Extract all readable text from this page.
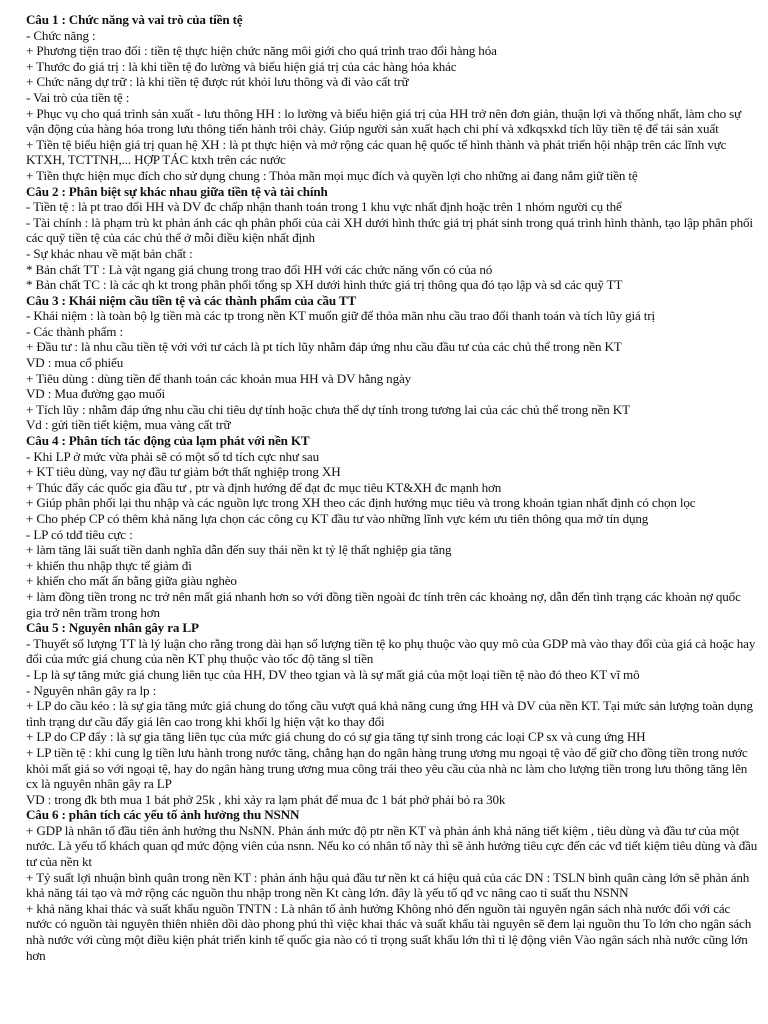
Câu 1 : Chức năng và vai trò của tiền tệ

- Chức năng :

+ Phương tiện trao đổi : tiền tệ thực hiện chức năng môi giới cho quá trình trao đổi hàng hóa

+ Thước đo giá trị : là khi tiền tệ đo lường và biểu hiện giá trị của các hàng hóa khác

+ Chức năng dự trữ : là khi tiền tệ được rút khỏi lưu thông và đi vào cất trữ

- Vai trò của tiền tệ :

+ Phục vụ cho quá trình sản xuất - lưu thông HH : lo lường và biểu hiện giá trị của HH trở nên đơn giản, thuận lợi và thống nhất, làm cho sự vận động của hàng hóa trong lưu thông tiến hành trôi chảy. Giúp người sản xuất hạch chi phí và xđkqsxkd tích lũy tiền tệ để tái sản xuất

+ Tiền tệ biểu hiện giá trị quan hệ XH : là pt thực hiện và mở rộng các quan hệ quốc tế hình thành và phát triển hội nhập trên các lĩnh vực KTXH, TCTTNH,... HỢP TÁC ktxh trên các nước

+ Tiền thực hiện mục đích cho sử dụng chung : Thỏa mãn mọi mục đích và quyền lợi cho những ai đang nắm giữ tiền tệ

Câu 2 : Phân biệt sự khác nhau giữa tiền tệ và tài chính

- Tiền tệ : là pt trao đổi HH và DV đc chấp nhận thanh toán trong 1 khu vực nhất định hoặc trên 1 nhóm người cụ thể

- Tài chính : là phạm trù kt phản ánh các qh phân phối của cải XH dưới hình thức giá trị phát sinh trong quá trình hình thành, tạo lập phân phối các quỹ tiền tệ của các chủ thể ở mỗi điều kiện nhất định

- Sự khác nhau về mặt bản chất :

* Bản chất TT : Là vật ngang giá chung trong trao đổi HH với các chức năng vốn có của nó

* Bản chất TC : là các qh kt trong phân phối tổng sp XH dưới hình thức giá trị thông qua đó tạo lập và sd các quỹ TT

Câu 3 : Khái niệm cầu tiền tệ và các thành phẩm của cầu TT

- Khái niệm : là toàn bộ lg tiền mà các tp trong nền KT muốn giữ để thỏa mãn nhu cầu trao đổi thanh toán và tích lũy giá trị

- Các thành phẩm :

+ Đầu tư : là nhu cầu tiền tệ với với tư cách là pt tích lũy nhằm đáp ứng nhu cầu đầu tư của các chủ thể trong nền KT

VD : mua cổ phiếu

+ Tiêu dùng : dùng tiền để thanh toán các khoản mua HH và DV hằng ngày

VD : Mua đường gạo muối

+ Tích lũy : nhằm đáp ứng nhu cầu chi tiêu dự tính hoặc chưa thể dự tính trong tương lai của các chủ thể trong nền KT

Vd : gửi tiền tiết kiệm, mua vàng cất trữ

Câu 4 : Phân tích tác động của lạm phát với nền KT

- Khi LP ở mức vừa phải sẽ có một số td tích cực như sau

+ KT tiêu dùng, vay nợ đầu tư giảm bớt thất nghiệp trong XH

+ Thúc đẩy các quốc gia đầu tư , ptr và định hướng để đạt đc mục tiêu KT&XH đc mạnh hơn

+ Giúp phân phối lại thu nhập và các nguồn lực trong XH theo các định hướng mục tiêu và trong khoản tgian nhất định có chọn lọc

+ Cho phép CP có thêm khả năng lựa chọn các công cụ KT đầu tư vào những lĩnh vực kém ưu tiên thông qua mở tín dụng

- LP có tdđ tiêu cực :

+ làm tăng lãi suất tiền danh nghĩa dẫn đến suy thái nền kt tỷ lệ thất nghiệp gia tăng

+ khiến thu nhập thực tế giảm đi

+ khiến cho mất ấn bằng giữa giàu nghèo

+ làm đồng tiền trong nc trở nên mất giá nhanh hơn so với đồng tiền ngoài đc tính trên các khoảng nợ, dẫn đến tình trạng các khoản nợ quốc gia trở nên trầm trong hơn

Câu 5 : Nguyên nhân gây ra LP

- Thuyết số lượng TT là lý luận cho rằng trong dài hạn số lượng tiền tệ ko phụ thuộc vào quy mô của GDP mà vào thay đổi của giá cả hoặc hay đổi của mức giá chung của nền KT phụ thuộc vào tốc độ tăng sl tiền

- Lp là sự tăng mức giá chung liên tục của HH, DV theo tgian và là sự mất giá của một loại tiền tệ nào đó theo KT vĩ mô

- Nguyên nhân gây ra lp :

+ LP do cầu kéo : là sự gia tăng mức giá chung do tổng cầu vượt quá khả năng cung ứng HH và DV của nền KT. Tại mức sản lượng toàn dụng tình trạng dư cầu đẩy giá lên cao trong khi khối lg hiện vật ko thay đổi

+ LP do CP đẩy : là sự gia tăng liên tục của mức giá chung do có sự gia tăng tự sinh trong các loại CP sx và cung ứng HH

+ LP tiền tệ : khi cung lg tiền lưu hành trong nước tăng, chẳng hạn do ngân hàng trung ương mu ngoại tệ vào để giữ cho đồng tiền trong nước khỏi mất giá so với ngoại tệ, hay do ngân hàng trung ương mua công trái theo yêu cầu của nhà nc làm cho lượng tiền trong lưu thông tăng lên cx là nguyên nhân gây ra LP

VD : trong đk bth mua 1 bát phở 25k , khi xảy ra lạm phát để mua đc 1 bát phở phải bỏ ra 30k

Câu 6 : phân tích các yếu tố ảnh hưởng thu NSNN

+ GDP là nhân tố đầu tiên ảnh hưởng thu NsNN. Phản ánh mức độ ptr nền KT và phản ánh khả năng tiết kiệm , tiêu dùng và đầu tư của một nước. Là yếu tố khách quan qđ mức động viên của nsnn. Nếu ko có nhân tố này thì sẽ ảnh hưởng tiêu cực đến các vđ tiết kiệm tiêu dùng và đầu tư của nền kt

+ Tỷ suất lợi nhuận bình quân trong nền KT : phản ánh hậu quả đầu tư nền kt cá hiệu quả của các DN : TSLN bình quân càng lớn sẽ phản ánh khả năng tái tạo và mở rộng các nguồn thu nhập trong nền Kt càng lớn. đây là yếu tố qđ vc nâng cao tỉ suất thu NSNN

+ khả năng khai thác và suất khẩu nguồn TNTN : Là nhân tố ảnh hưởng Không nhỏ đến nguồn tài nguyên ngân sách nhà nước đối với các nước có nguồn tài nguyên thiên nhiên dồi dào phong phú thì việc khai thác và suất khẩu tài nguyên sẽ đem lại nguồn thu To lớn cho ngân sách nhà nước với cùng một điều kiện phát triển kinh tế quốc gia nào có tỉ trọng suất khẩu lớn thì tỉ lệ động viên Vào ngân sách nhà nước cũng lớn hơn
